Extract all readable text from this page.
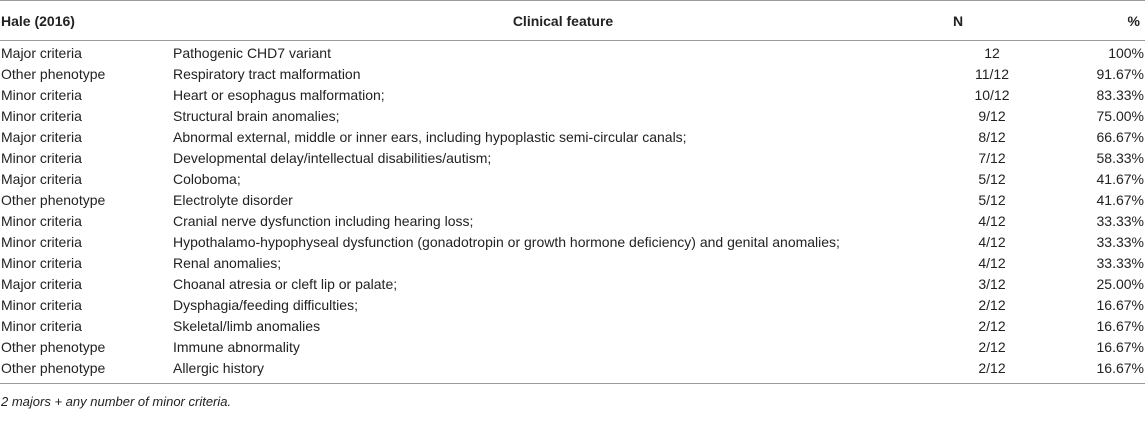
Hale (2016)	Clinical feature	N	%
Major criteria	Pathogenic CHD7 variant	12	100%
Other phenotype	Respiratory tract malformation	11/12	91.67%
Minor criteria	Heart or esophagus malformation;	10/12	83.33%
Minor criteria	Structural brain anomalies;	9/12	75.00%
Major criteria	Abnormal external, middle or inner ears, including hypoplastic semi-circular canals;	8/12	66.67%
Minor criteria	Developmental delay/intellectual disabilities/autism;	7/12	58.33%
Major criteria	Coloboma;	5/12	41.67%
Other phenotype	Electrolyte disorder	5/12	41.67%
Minor criteria	Cranial nerve dysfunction including hearing loss;	4/12	33.33%
Minor criteria	Hypothalamo-hypophyseal dysfunction (gonadotropin or growth hormone deficiency) and genital anomalies;	4/12	33.33%
Minor criteria	Renal anomalies;	4/12	33.33%
Major criteria	Choanal atresia or cleft lip or palate;	3/12	25.00%
Minor criteria	Dysphagia/feeding difficulties;	2/12	16.67%
Minor criteria	Skeletal/limb anomalies	2/12	16.67%
Other phenotype	Immune abnormality	2/12	16.67%
Other phenotype	Allergic history	2/12	16.67%
2 majors + any number of minor criteria.
